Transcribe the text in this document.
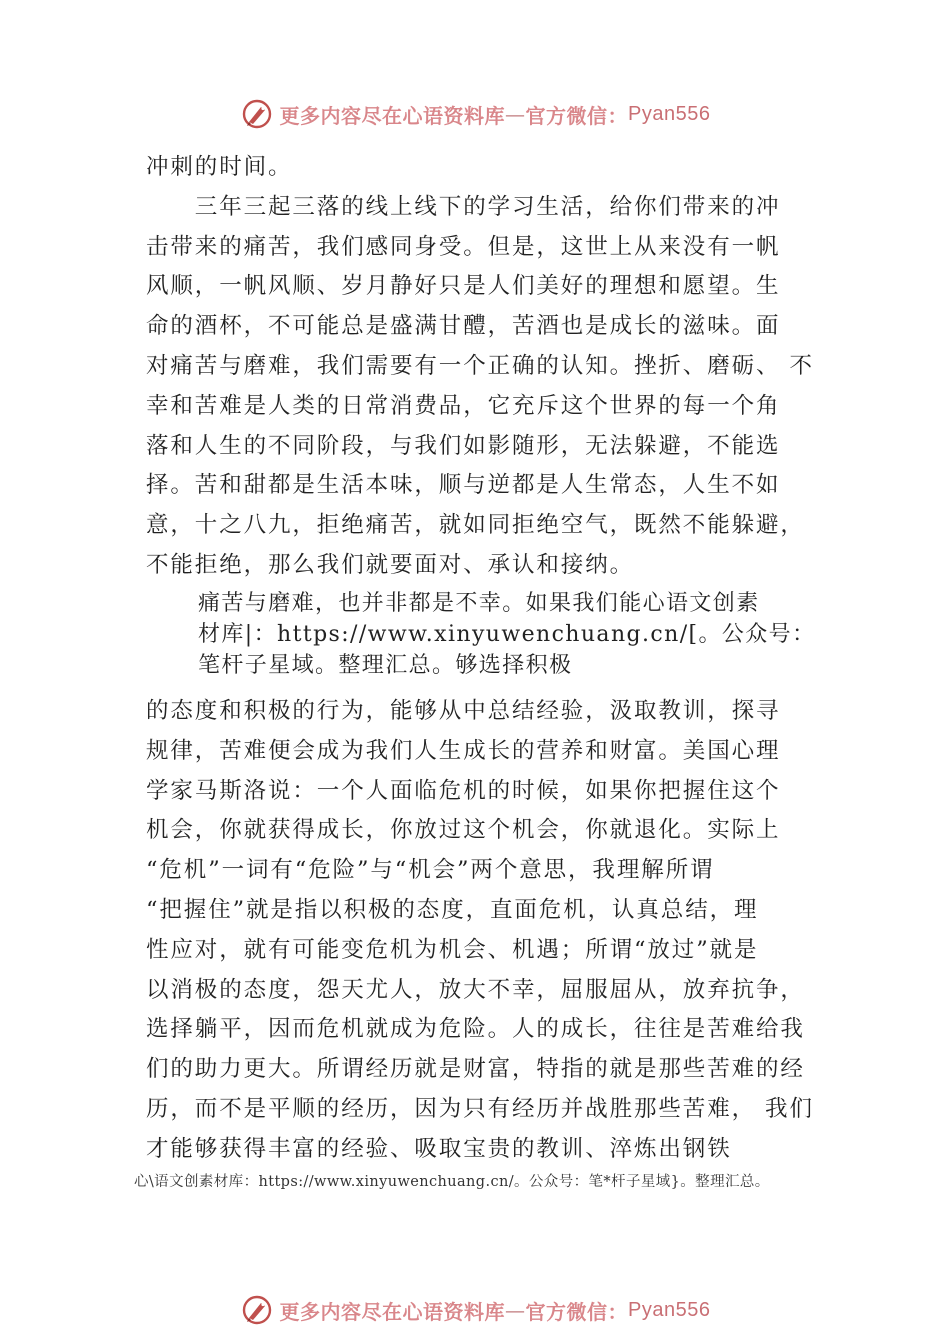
更多内容尽在心语资料库 — 官方微信： Pyan556
冲刺的时间。
　　三年三起三落的线上线下的学习生活，给你们带来的冲
击带来的痛苦，我们感同身受。但是，这世上从来没有一帆
风顺，一帆风顺、岁月静好只是人们美好的理想和愿望。生
命的酒杯，不可能总是盛满甘醴，苦酒也是成长的滋味。面
对痛苦与磨难，我们需要有一个正确的认知。挫折、磨砺、 不
幸和苦难是人类的日常消费品，它充斥这个世界的每一个角
落和人生的不同阶段，与我们如影随形，无法躲避，不能选
择。苦和甜都是生活本味，顺与逆都是人生常态，人生不如
意，十之八九，拒绝痛苦，就如同拒绝空气，既然不能躲避，
不能拒绝，那么我们就要面对、承认和接纳。
痛苦与磨难，也并非都是不幸。如果我们能心语文创素
材库|：https://www.xinyuwenchuang.cn/[。公众号：
笔杆子星域。整理汇总。够选择积极
的态度和积极的行为，能够从中总结经验，汲取教训，探寻
规律，苦难便会成为我们人生成长的营养和财富。美国心理
学家马斯洛说：一个人面临危机的时候，如果你把握住这个
机会，你就获得成长，你放过这个机会，你就退化。实际上
“危机”一词有“危险”与“机会”两个意思，我理解所谓
“把握住”就是指以积极的态度，直面危机，认真总结，理
性应对，就有可能变危机为机会、机遇；所谓“放过”就是
以消极的态度，怨天尤人，放大不幸，屈服屈从，放弃抗争，
选择躺平，因而危机就成为危险。人的成长，往往是苦难给我
们的助力更大。所谓经历就是财富，特指的就是那些苦难的经
历，而不是平顺的经历，因为只有经历并战胜那些苦难， 我们
才能够获得丰富的经验、吸取宝贵的教训、淬炼出钢铁
心\语文创素材库：https://www.xinyuwenchuang.cn/。公众号：笔*杆子星域}。整理汇总。
更多内容尽在心语资料库 — 官方微信： Pyan556
